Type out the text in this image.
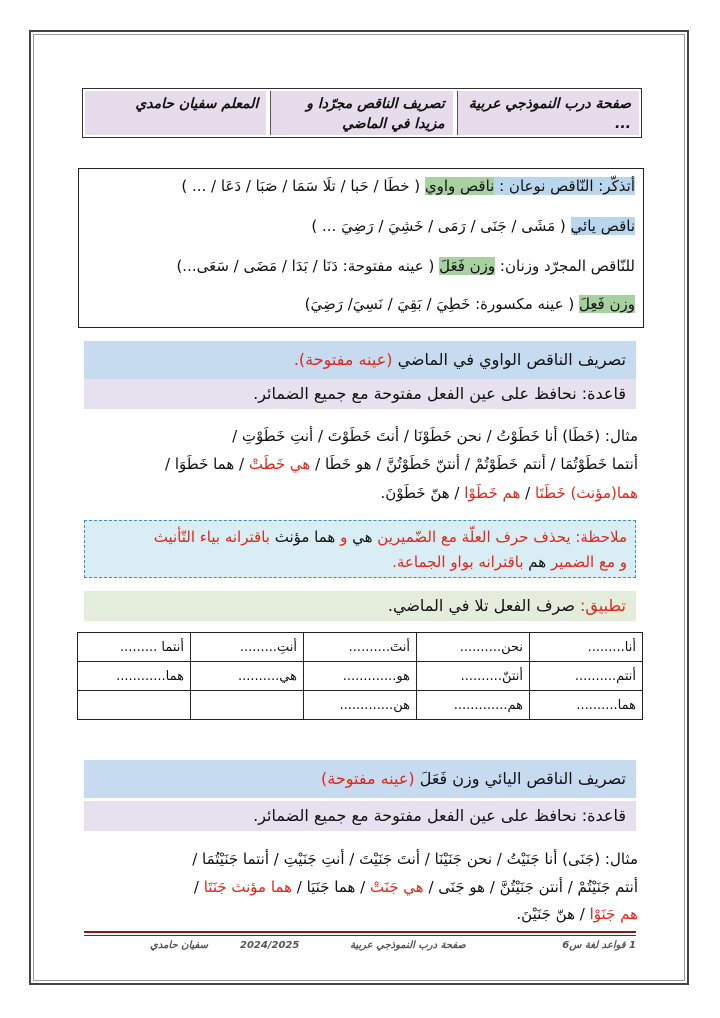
صفحة درب النموذجي عربية ...
تصريف الناقص مجرّدا و مزيدا في الماضي
المعلم سفيان حامدي
أتذكّر: النّاقص نوعان : ناقص واوي ( خطَا / حَبا / تلَا سَمَا / صَبَا / دَعَا / ... )
ناقص يائي ( مَشَى / جَنَى / رَمَى / خَشِيَ / رَضِيَ ... )
للنّاقص المجرّد وزنان: وزن فَعَلَ ( عينه مفتوحة: دَنَا / بَدَا / مَضَى / سَعَى...)
وزن فَعِلَ ( عينه مكسورة: خَطِيَ / بَقِيَ / نَسِيَ/ رَضِيَ)
تصريف الناقص الواوي في الماضي (عينه مفتوحة).
قاعدة: نحافظ على عين الفعل مفتوحة مع جميع الضمائر.
مثال: (خَطَا) أنا خَطَوْتُ / نحن خَطَوْنَا / أنتَ خَطَوْتَ / أنتِ خَطَوْتِ /
أنتما خَطَوْتُمَا / أنتم خَطَوْتُمْ / أنتنّ خَطَوْتُنَّ / هو خَطَا / هي خَطَتْ / هما خَطَوَا /
هما(مؤنث) خَطَتَا / هم خَطَوْا / هنّ خَطَوْنَ.
ملاحظة: يحذف حرف العلّة مع الضّميرين هي و هما مؤنث باقترانه بياء التّأنيث
و مع الضمير هم باقترانه بواو الجماعة.
تطبيق: صرف الفعل تلا في الماضي.
أنا.........	نحن..........	أنتَ..........	أنتِ.........	أنتما .........
أنتم..........	أنتنّ..........	هو.............	هي..........	هما............
هما..........	هم.............	هن.............		
تصريف الناقص اليائي وزن فَعَلَ (عينه مفتوحة)
قاعدة: نحافظ على عين الفعل مفتوحة مع جميع الضمائر.
مثال: (جَنَى) أنا جَنَيْتُ / نحن جَنَيْنَا / أنتَ جَنَيْتَ / أنتِ جَنَيْتِ / أنتما جَنَيْتُمَا /
أنتم جَنَيْتُمْ / أنتن جَنَيْتُنَّ / هو جَنَى / هي جَنَتْ / هما جَنَيَا / هما مؤنث جَنَتَا /
هم جَنَوْا / هنّ جَنَيْنَ.
1 قواعد لغة س6
صفحة درب النموذجي عربية
2024/2025
سفيان حامدي
